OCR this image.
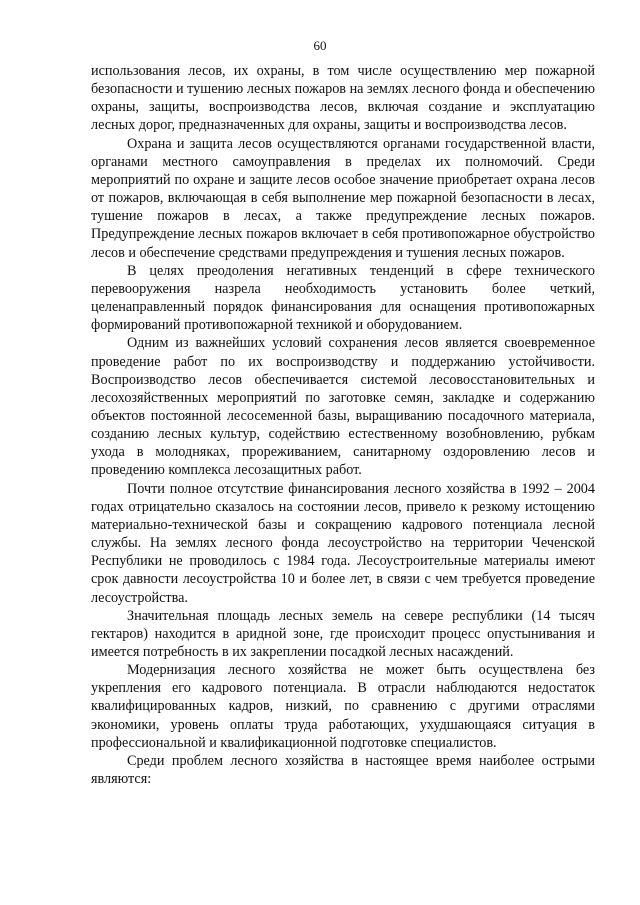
60

использования лесов, их охраны, в том числе осуществлению мер пожарной безопасности и тушению лесных пожаров на землях лесного фонда и обеспечению охраны, защиты, воспроизводства лесов, включая создание и эксплуатацию лесных дорог, предназначенных для охраны, защиты и воспроизводства лесов.

Охрана и защита лесов осуществляются органами государственной власти, органами местного самоуправления в пределах их полномочий. Среди мероприятий по охране и защите лесов особое значение приобретает охрана лесов от пожаров, включающая в себя выполнение мер пожарной безопасности в лесах, тушение пожаров в лесах, а также предупреждение лесных пожаров. Предупреждение лесных пожаров включает в себя противопожарное обустройство лесов и обеспечение средствами предупреждения и тушения лесных пожаров.

В целях преодоления негативных тенденций в сфере технического перевооружения назрела необходимость установить более четкий, целенаправленный порядок финансирования для оснащения противопожарных формирований противопожарной техникой и оборудованием.

Одним из важнейших условий сохранения лесов является своевременное проведение работ по их воспроизводству и поддержанию устойчивости. Воспроизводство лесов обеспечивается системой лесовосстановительных и лесохозяйственных мероприятий по заготовке семян, закладке и содержанию объектов постоянной лесосеменной базы, выращиванию посадочного материала, созданию лесных культур, содействию естественному возобновлению, рубкам ухода в молодняках, прореживанием, санитарному оздоровлению лесов и проведению комплекса лесозащитных работ.

Почти полное отсутствие финансирования лесного хозяйства в 1992 – 2004 годах отрицательно сказалось на состоянии лесов, привело к резкому истощению материально-технической базы и сокращению кадрового потенциала лесной службы. На землях лесного фонда лесоустройство на территории Чеченской Республики не проводилось с 1984 года. Лесоустроительные материалы имеют срок давности лесоустройства 10 и более лет, в связи с чем требуется проведение лесоустройства.

Значительная площадь лесных земель на севере республики (14 тысяч гектаров) находится в аридной зоне, где происходит процесс опустынивания и имеется потребность в их закреплении посадкой лесных насаждений.

Модернизация лесного хозяйства не может быть осуществлена без укрепления его кадрового потенциала. В отрасли наблюдаются недостаток квалифицированных кадров, низкий, по сравнению с другими отраслями экономики, уровень оплаты труда работающих, ухудшающаяся ситуация в профессиональной и квалификационной подготовке специалистов.

Среди проблем лесного хозяйства в настоящее время наиболее острыми являются:
